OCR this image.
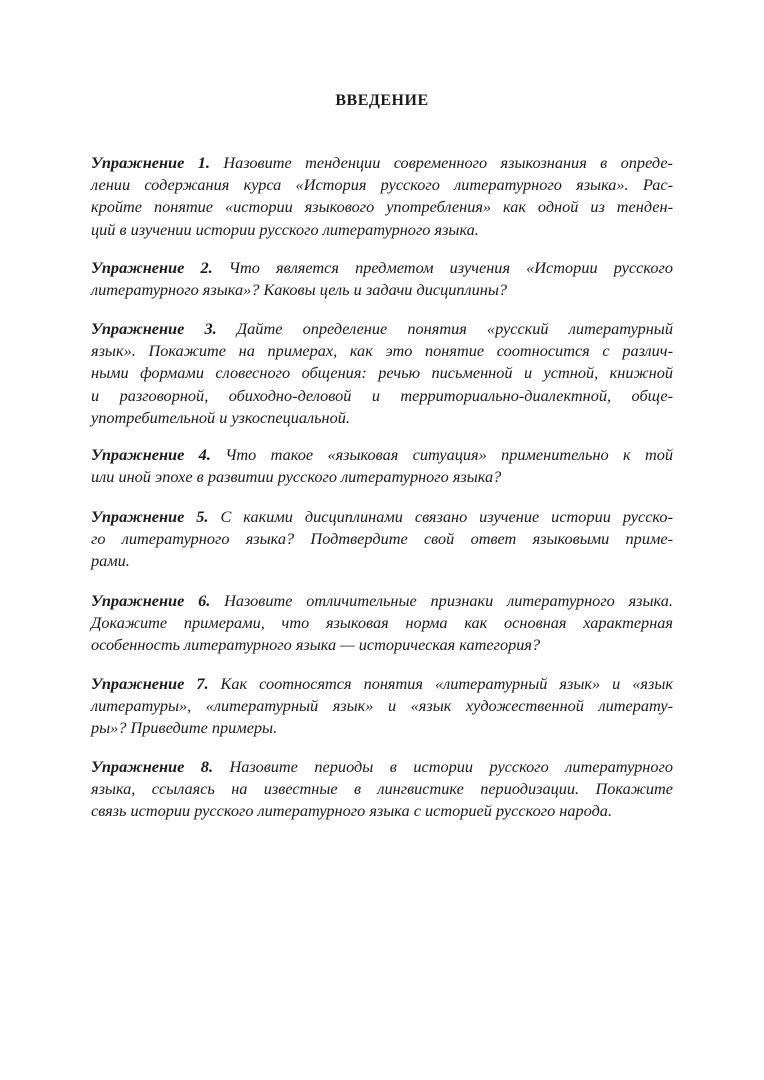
ВВЕДЕНИЕ
Упражнение 1. Назовите тенденции современного языкознания в опреде-
лении содержания курса «История русского литературного языка». Рас-
кройте понятие «истории языкового употребления» как одной из тенден-
ций в изучении истории русского литературного языка.
Упражнение 2. Что является предметом изучения «Истории русского
литературного языка»? Каковы цель и задачи дисциплины?
Упражнение 3. Дайте определение понятия «русский литературный
язык». Покажите на примерах, как это понятие соотносится с различ-
ными формами словесного общения: речью письменной и устной, книжной
и разговорной, обиходно-деловой и территориально-диалектной, обще-
употребительной и узкоспециальной.
Упражнение 4. Что такое «языковая ситуация» применительно к той
или иной эпохе в развитии русского литературного языка?
Упражнение 5. С какими дисциплинами связано изучение истории русско-
го литературного языка? Подтвердите свой ответ языковыми приме-
рами.
Упражнение 6. Назовите отличительные признаки литературного языка.
Докажите примерами, что языковая норма как основная характерная
особенность литературного языка — историческая категория?
Упражнение 7. Как соотносятся понятия «литературный язык» и «язык
литературы», «литературный язык» и «язык художественной литерату-
ры»? Приведите примеры.
Упражнение 8. Назовите периоды в истории русского литературного
языка, ссылаясь на известные в лингвистике периодизации. Покажите
связь истории русского литературного языка с историей русского народа.
